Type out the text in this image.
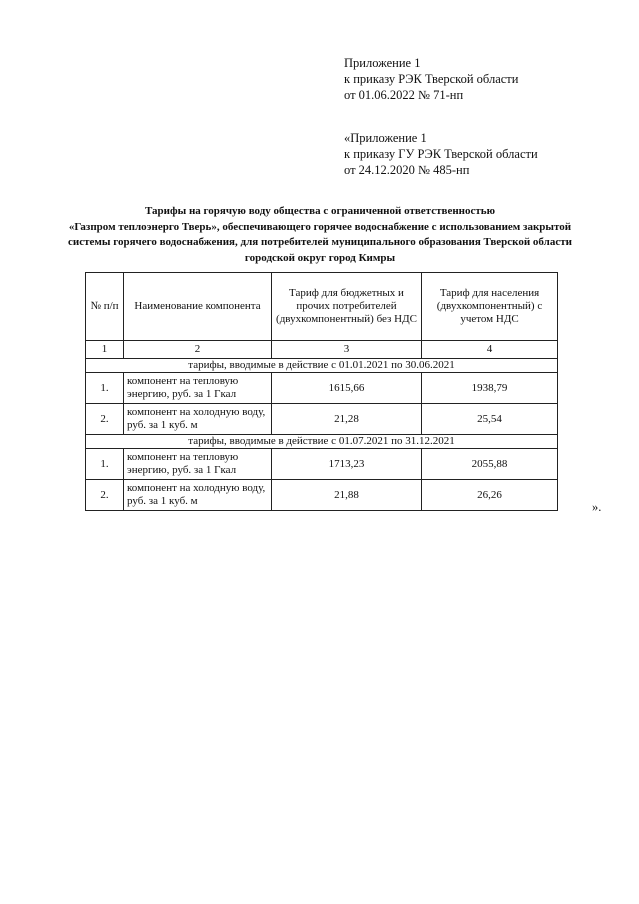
Приложение 1
к приказу РЭК Тверской области
от 01.06.2022 № 71-нп
«Приложение 1
к приказу ГУ РЭК Тверской области
от 24.12.2020 № 485-нп
Тарифы на горячую воду общества с ограниченной ответственностью
«Газпром теплоэнерго Тверь», обеспечивающего горячее водоснабжение с использованием закрытой
системы горячего водоснабжения, для потребителей муниципального образования Тверской области
городской округ город Кимры
№ п/п	Наименование компонента	Тариф для бюджетных и прочих потребителей (двухкомпонентный) без НДС	Тариф для населения (двухкомпонентный) с учетом НДС
1	2	3	4
тарифы, вводимые в действие с 01.01.2021 по 30.06.2021			
1.	компонент на тепловую энергию, руб. за 1 Гкал	1615,66	1938,79
2.	компонент на холодную воду, руб. за 1 куб. м	21,28	25,54
тарифы, вводимые в действие с 01.07.2021 по 31.12.2021			
1.	компонент на тепловую энергию, руб. за 1 Гкал	1713,23	2055,88
2.	компонент на холодную воду, руб. за 1 куб. м	21,88	26,26
».
